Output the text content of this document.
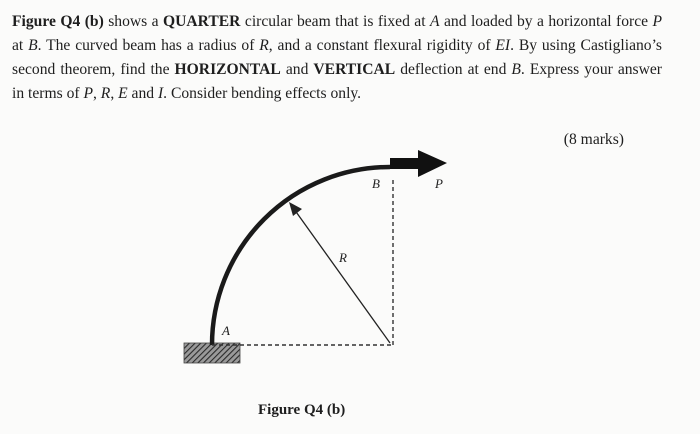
Figure Q4 (b) shows a QUARTER circular beam that is fixed at A and loaded by a horizontal force P at B. The curved beam has a radius of R, and a constant flexural rigidity of EI. By using Castigliano’s second theorem, find the HORIZONTAL and VERTICAL deflection at end B. Express your answer in terms of P, R, E and I. Consider bending effects only.
(8 marks)
A
B	P
R
Figure Q4 (b)
